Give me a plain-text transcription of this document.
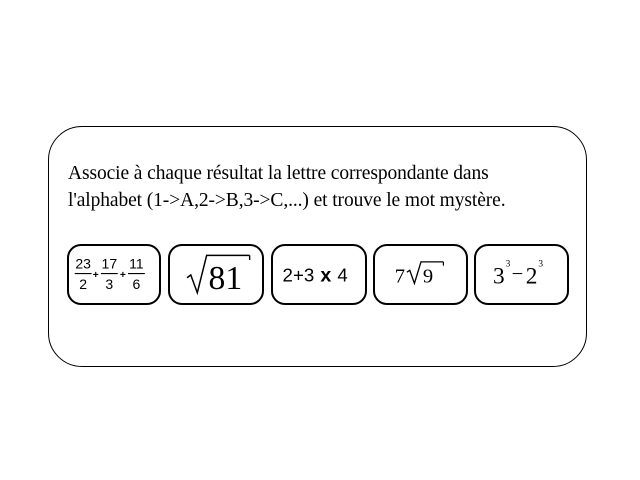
Associe à chaque résultat la lettre correspondante dans
l'alphabet (1->A,2->B,3->C,...) et trouve le mot mystère.

23
2
+
17
3
+
11
6 81 2+3 x 4 7 9 3 3 − 2 3
